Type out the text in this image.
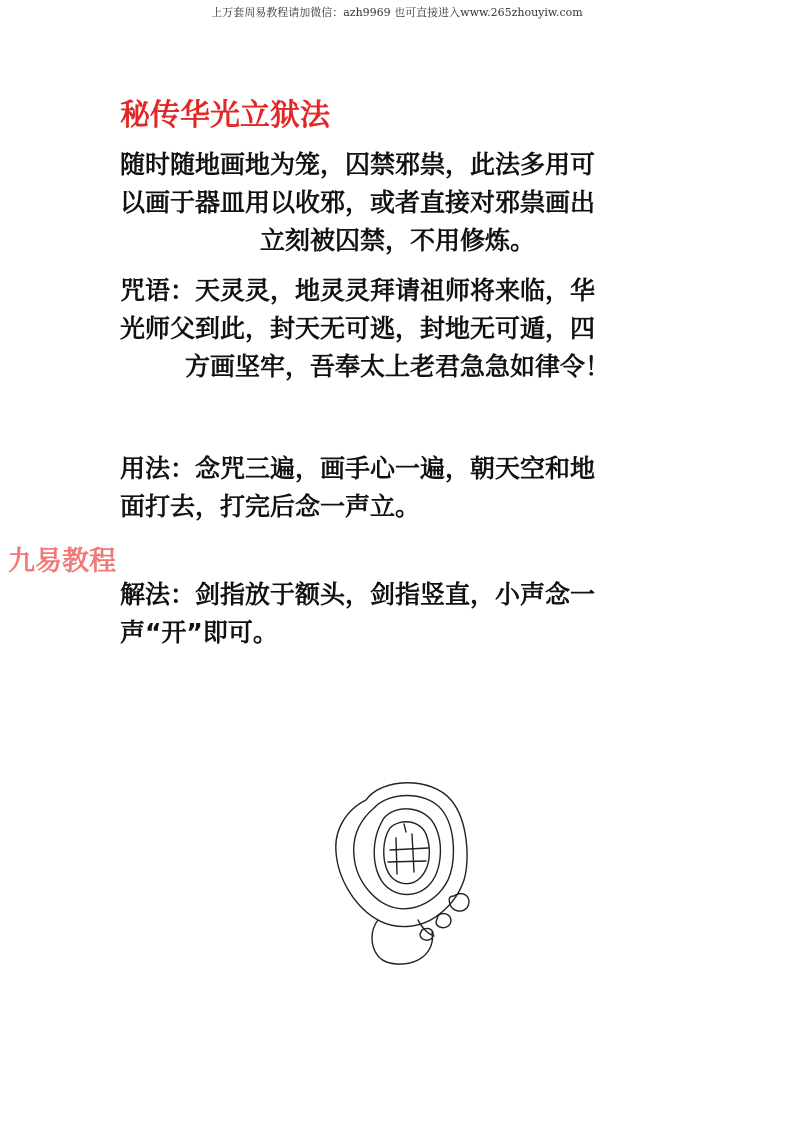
上万套周易教程请加微信：azh9969 也可直接进入www.265zhouyiw.com
秘传华光立狱法
随时随地画地为笼，囚禁邪祟，此法多用可
以画于器皿用以收邪，或者直接对邪祟画出
立刻被囚禁，不用修炼。
咒语：天灵灵，地灵灵拜请祖师将来临，华
光师父到此，封天无可逃，封地无可遁，四
方画坚牢，吾奉太上老君急急如律令！
用法：念咒三遍，画手心一遍，朝天空和地
面打去，打完后念一声立。
九易教程
解法：剑指放于额头，剑指竖直，小声念一
声“开”即可。
